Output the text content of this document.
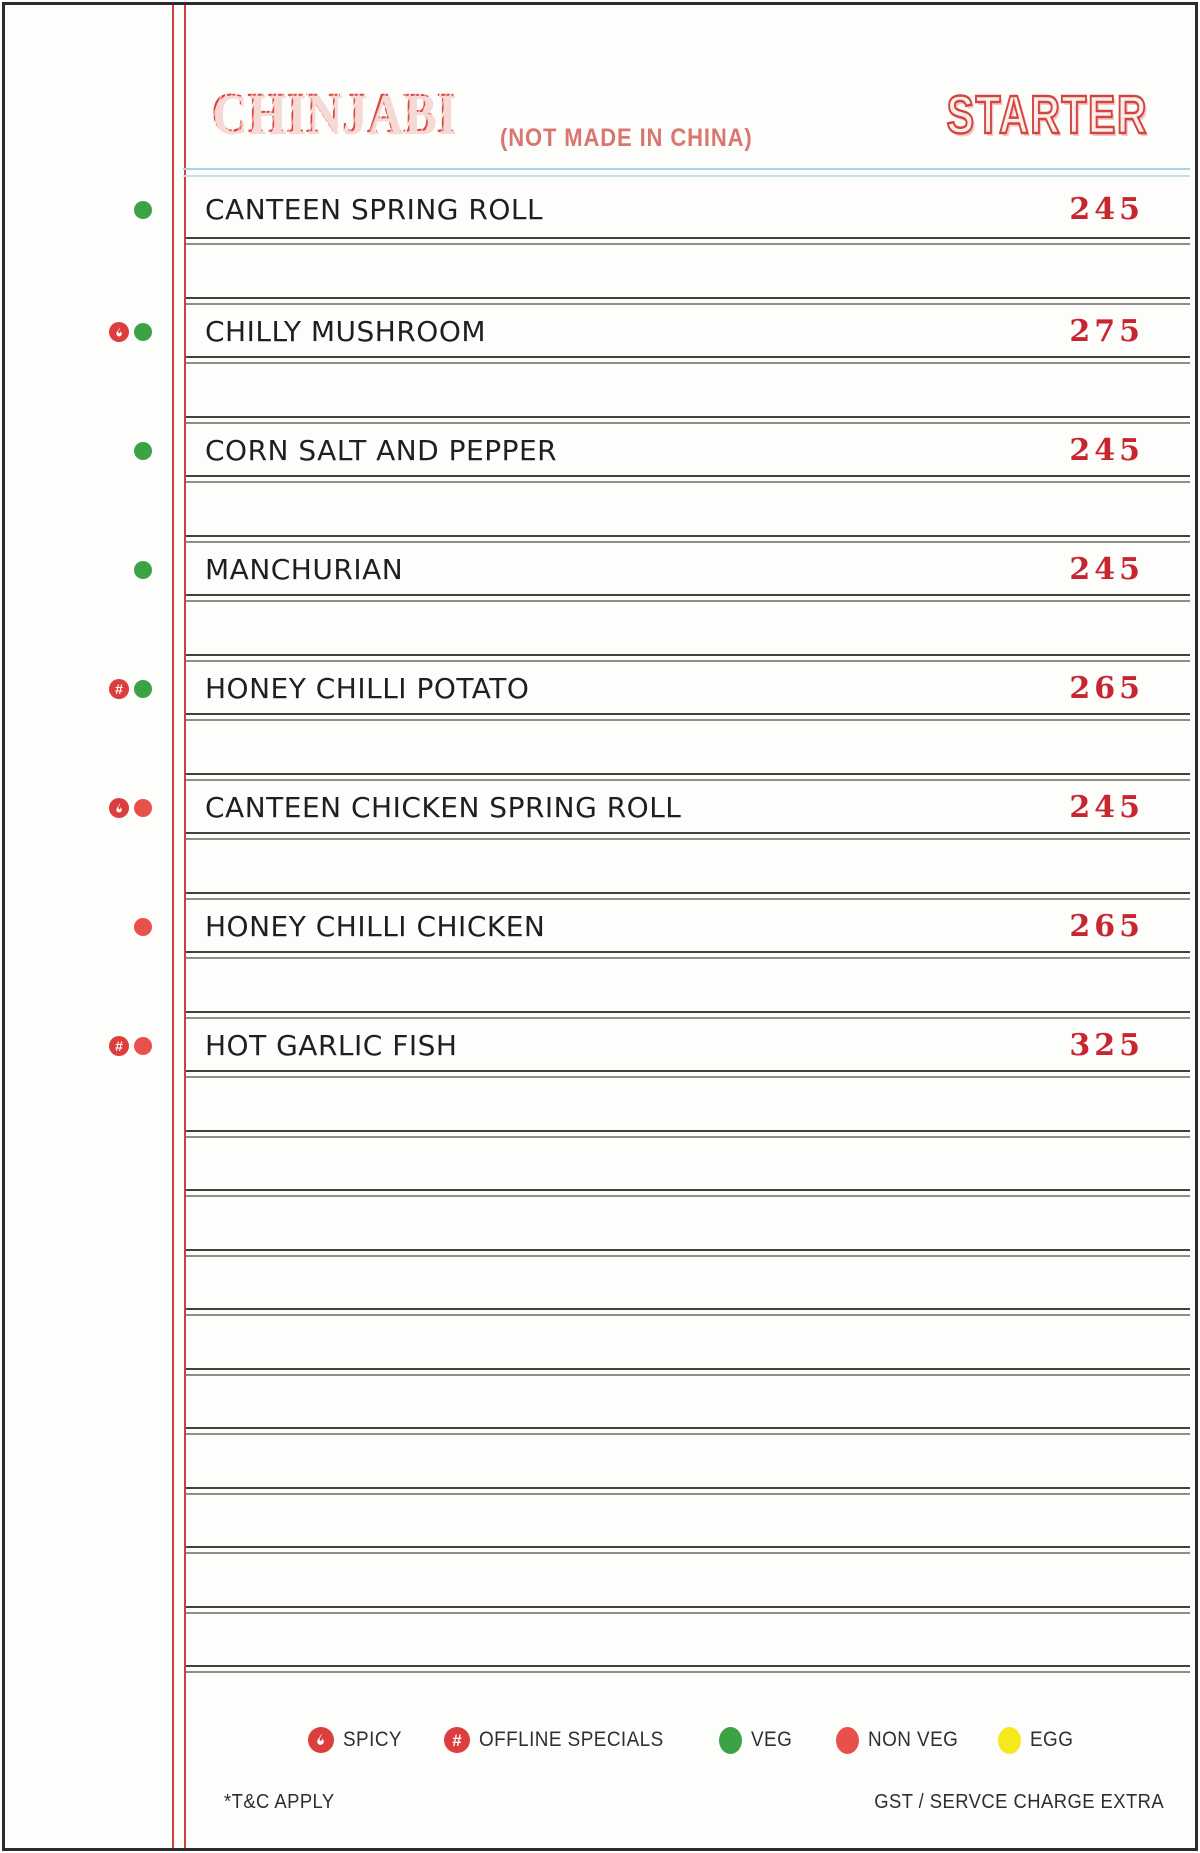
CHINJABI (NOT MADE IN CHINA)	STARTER
CANTEEN SPRING ROLL	245
CHILLY MUSHROOM	275
CORN SALT AND PEPPER	245
MANCHURIAN	245
HONEY CHILLI POTATO	265
#
CANTEEN CHICKEN SPRING ROLL	245
HONEY CHILLI CHICKEN	265
HOT GARLIC FISH	325
#
SPICY	# OFFLINE SPECIALS	VEG	NON VEG	EGG
*T&C APPLY	GST / SERVCE CHARGE EXTRA
